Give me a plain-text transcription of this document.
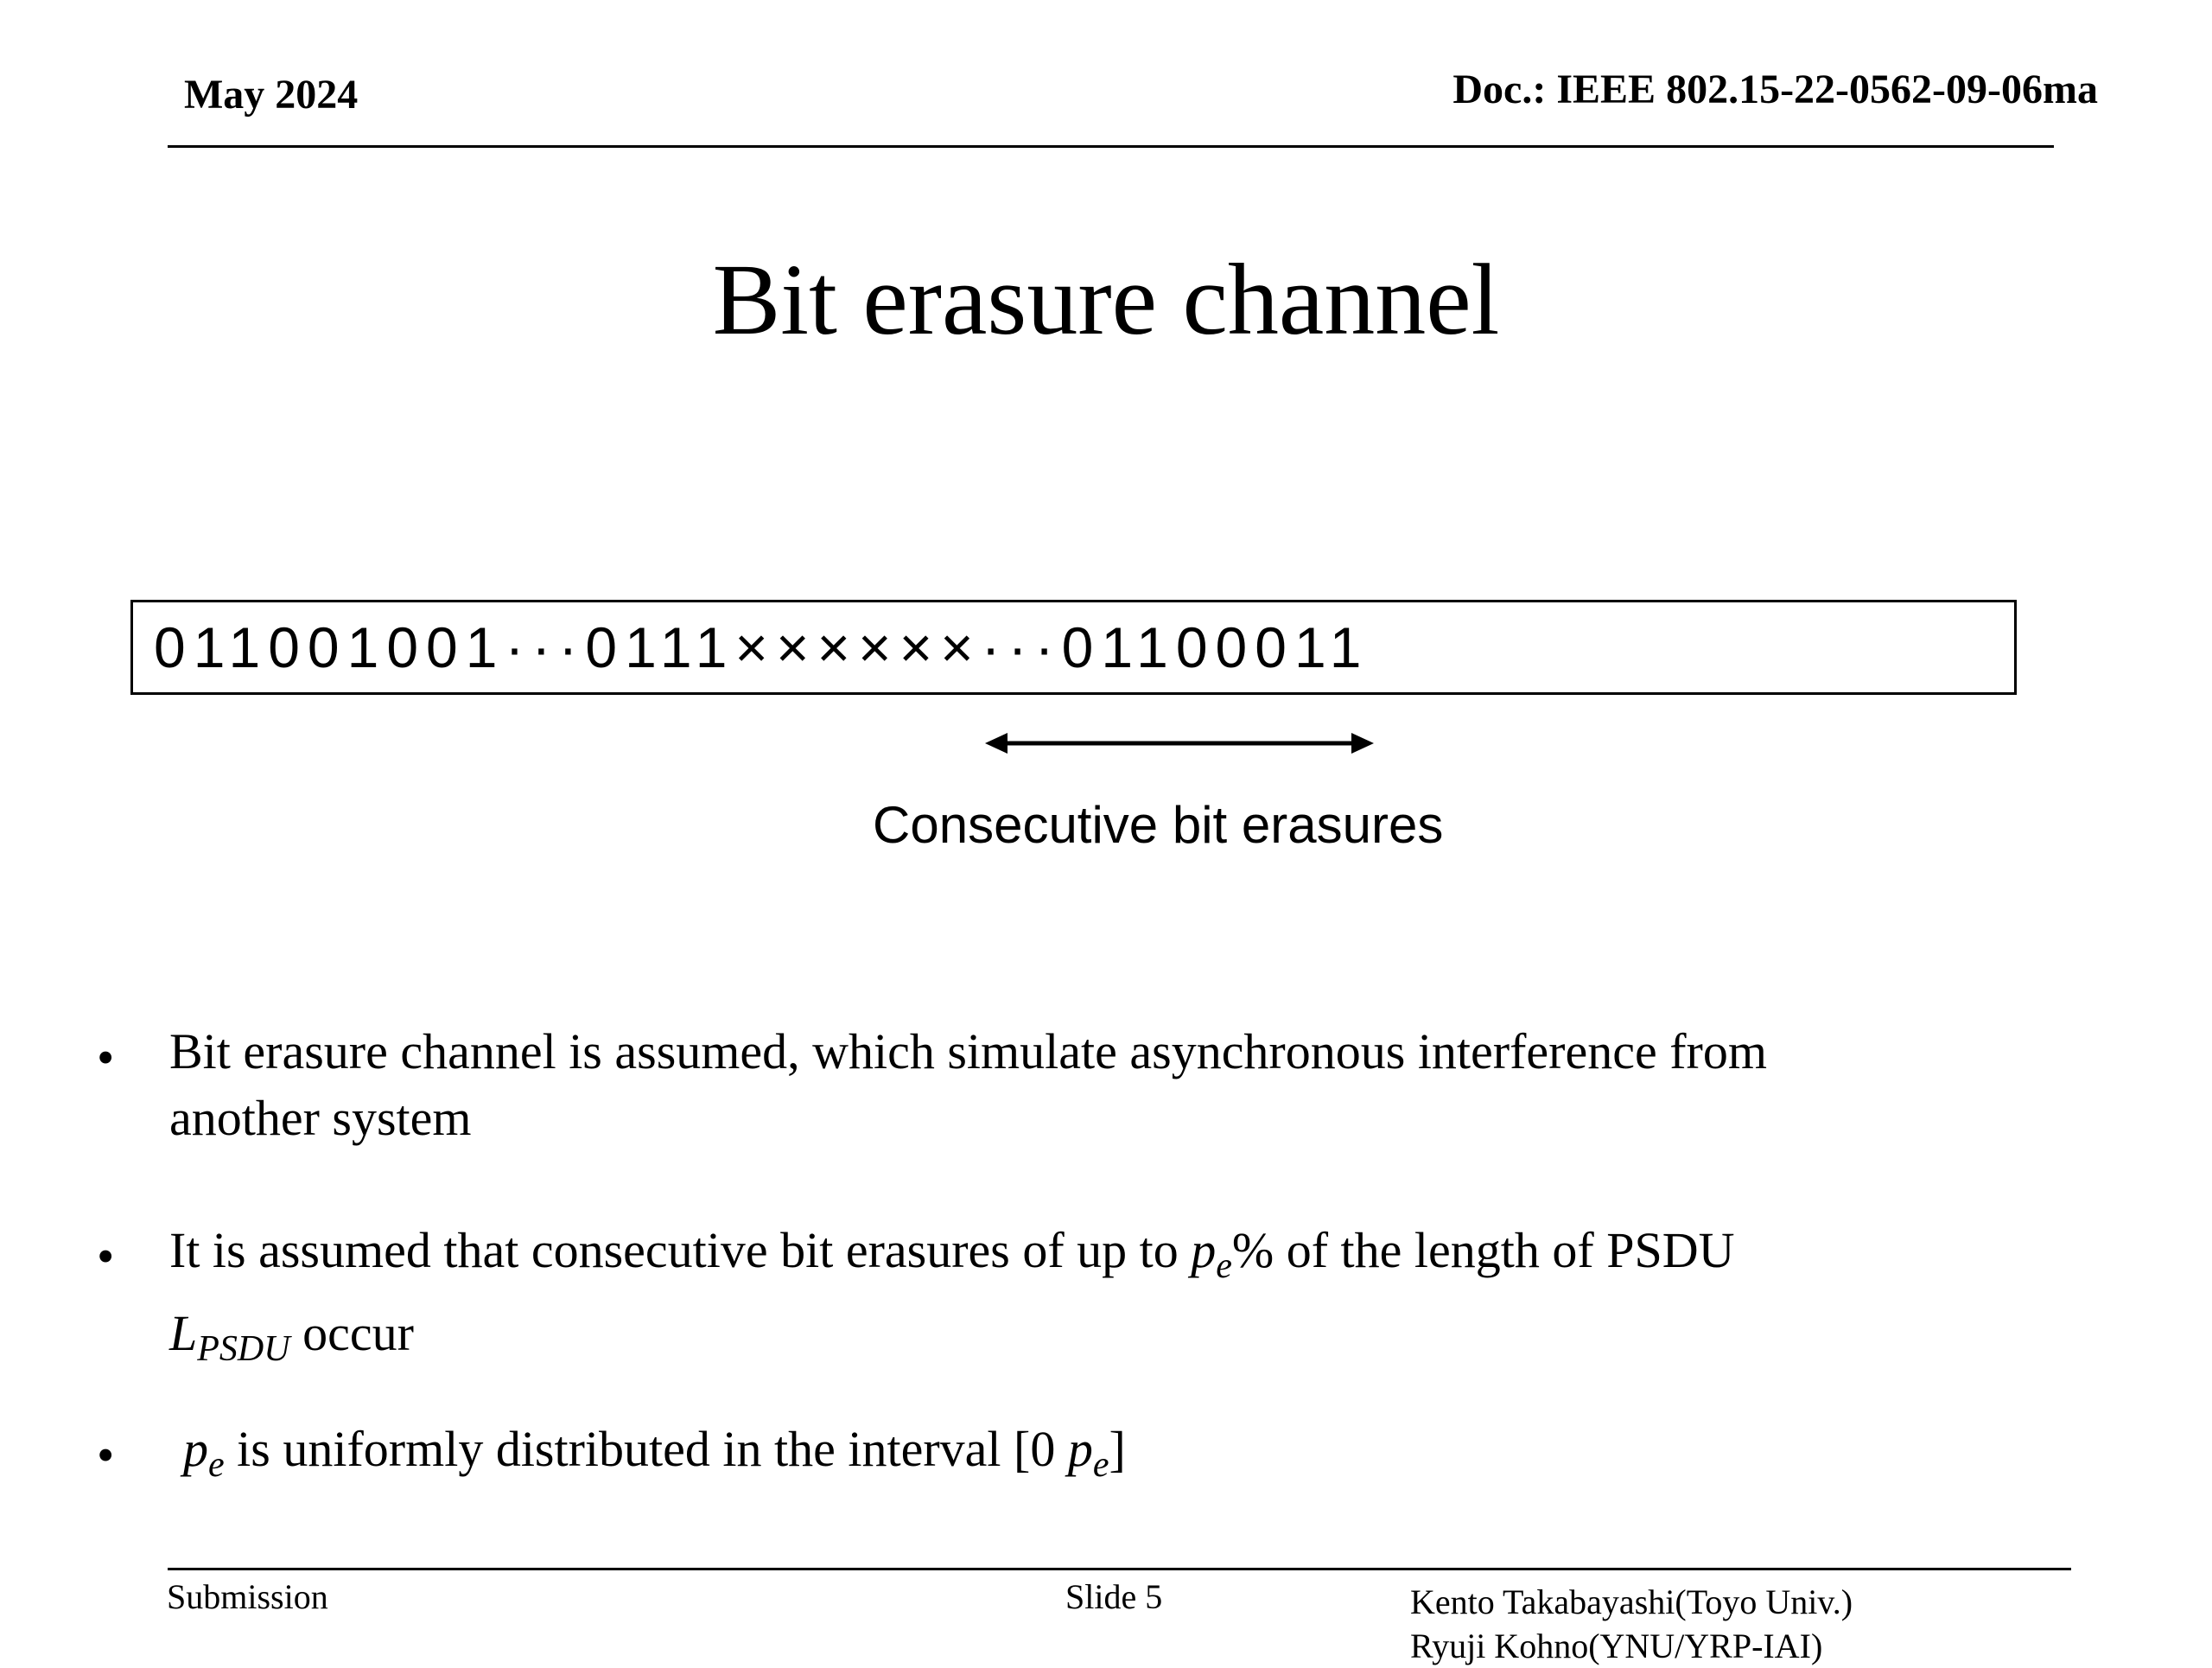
May 2024	Doc.: IEEE 802.15-22-0562-09-06ma
Bit erasure channel
011001001···0111××××××···01100011
Consecutive bit erasures
• Bit erasure channel is assumed, which simulate asynchronous interference from
another system
• It is assumed that consecutive bit erasures of up to $p_e\%$ of the length of PSDU
$L_{PSDU}$ occur
• $p_e$ is uniformly distributed in the interval [0 $p_e$]
Submission	Slide 5	Kento Takabayashi(Toyo Univ.)
Ryuji Kohno(YNU/YRP-IAI)
